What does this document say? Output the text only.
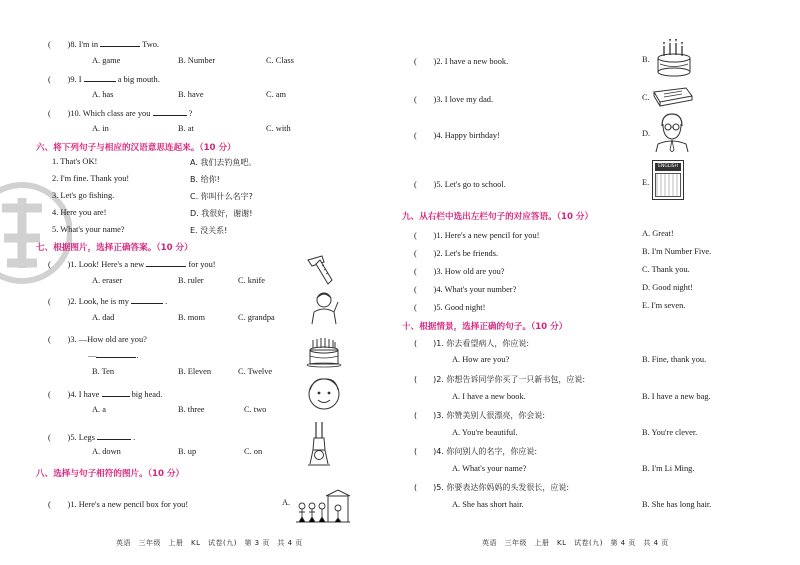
(　　)8. I'm in	Two.
A. game	B. Number	C. Class
(　　)9. I	a big mouth.
A. has	B. have	C. am
(　　)10. Which class are you	?
A. in	B. at	C. with
六、将下列句子与相应的汉语意思连起来。（10 分）
1. That's OK!
2. I'm fine. Thank you!
3. Let's go fishing.
4. Here you are!
5. What's your name?
A. 我们去钓鱼吧。
B. 给你!
C. 你叫什么名字?
D. 我很好，谢谢!
E. 没关系!
七、根据图片，选择正确答案。（10 分）
(　　)1. Look! Here's a new	for you!
A. eraser	B. ruler	C. knife
(　　)2. Look, he is my	.
A. dad	B. mom	C. grandpa
(　　)3. —How old are you?
—	.
B. Ten	B. Eleven	C. Twelve
(　　)4. I have	big head.
A. a	B. three	C. two
(　　)5. Legs	.
A. down	B. up	C. on
八、选择与句子相符的图片。（10 分）
(　　)1. Here's a new pencil box for you!	A.
英语　三年级　上册　KL　试卷(九)　第 3 页　共 4 页
(　　)2. I have a new book.	B.
(　　)3. I love my dad.	C.
(　　)4. Happy birthday!	D.
(　　)5. Let's go to school.	E.
ENGLISH
九、从右栏中选出左栏句子的对应答语。（10 分）
(　　)1. Here's a new pencil for you!	A. Great!
(　　)2. Let's be friends.	B. I'm Number Five.
(　　)3. How old are you?	C. Thank you.
(　　)4. What's your number?	D. Good night!
(　　)5. Good night!	E. I'm seven.
十、根据情景，选择正确的句子。（10 分）
(　　)1. 你去看望病人，你应说:
A. How are you?	B. Fine, thank you.
(　　)2. 你想告诉同学你买了一只新书包，应说:
A. I have a new book.	B. I have a new bag.
(　　)3. 你赞美别人很漂亮，你会说:
A. You're beautiful.	B. You're clever.
(　　)4. 你问别人的名字，你应说:
A. What's your name?	B. I'm Li Ming.
(　　)5. 你要表达你妈妈的头发很长，应说:
A. She has short hair.	B. She has long hair.
英语　三年级　上册　KL　试卷(九)　第 4 页　共 4 页
